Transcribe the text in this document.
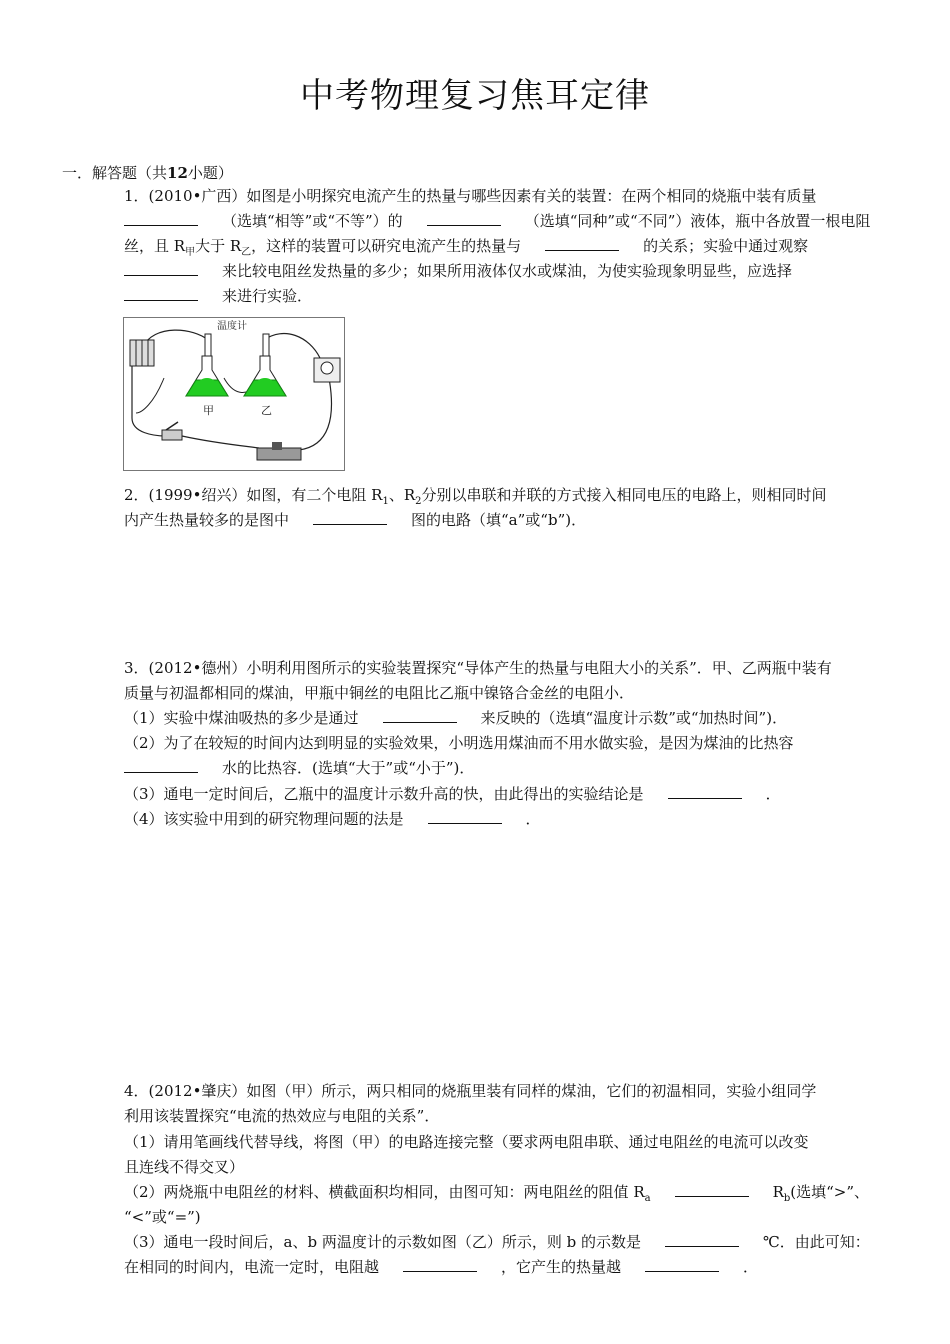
中考物理复习焦耳定律
一．解答题（共12小题）
1．(2010•广西）如图是小明探究电流产生的热量与哪些因素有关的装置：在两个相同的烧瓶中装有质量
（选填“相等”或“不等”）的	（选填“同种”或“不同”）液体，瓶中各放置一根电阻
丝，且 $R_甲$大于 $R_乙$，这样的装置可以研究电流产生的热量与	的关系；实验中通过观察
来比较电阻丝发热量的多少；如果所用液体仅水或煤油，为使实验现象明显些，应选择
来进行实验．
温度计
甲	乙
2．(1999•绍兴）如图，有二个电阻 $R_1$、$R_2$分别以串联和并联的方式接入相同电压的电路上，则相同时间
内产生热量较多的是图中	图的电路（填“a”或“b”)．
3．(2012•德州）小明利用图所示的实验装置探究“导体产生的热量与电阻大小的关系”．甲、乙两瓶中装有
质量与初温都相同的煤油，甲瓶中铜丝的电阻比乙瓶中镍铬合金丝的电阻小．
（1）实验中煤油吸热的多少是通过	来反映的（选填“温度计示数”或“加热时间”)．
（2）为了在较短的时间内达到明显的实验效果，小明选用煤油而不用水做实验，是因为煤油的比热容
水的比热容．(选填“大于”或“小于”)．
（3）通电一定时间后，乙瓶中的温度计示数升高的快，由此得出的实验结论是	．
（4）该实验中用到的研究物理问题的法是	．
4．(2012•肇庆）如图（甲）所示，两只相同的烧瓶里装有同样的煤油，它们的初温相同，实验小组同学
利用该装置探究“电流的热效应与电阻的关系”．
（1）请用笔画线代替导线，将图（甲）的电路连接完整（要求两电阻串联、通过电阻丝的电流可以改变
且连线不得交叉）
（2）两烧瓶中电阻丝的材料、横截面积均相同，由图可知：两电阻丝的阻值 $R_a$	$R_b$(选填“>”、
“<”或“=”)
（3）通电一段时间后，a、b 两温度计的示数如图（乙）所示，则 b 的示数是	℃．由此可知：
在相同的时间内，电流一定时，电阻越	，它产生的热量越	．
